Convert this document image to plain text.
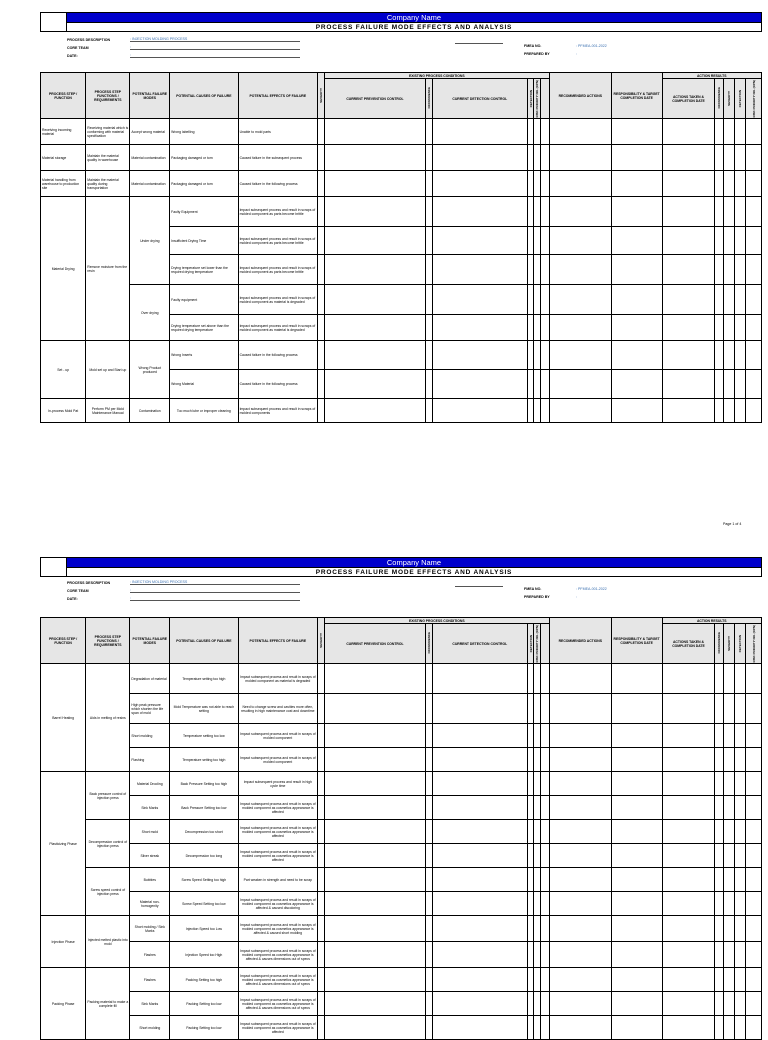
Company Name
PROCESS FAILURE MODE EFFECTS AND ANALYSIS
PROCESS DESCRIPTION	: INJECTION MOLDING PROCESS
CORE TEAM	:
DATE:	:
FMEA NO.	: PFMEA-001-2022
PREPARED BY	:
PROCESS STEP / FUNCTION	PROCESS STEP FUNCTIONS / REQUIREMENTS	POTENTIAL FAILURE MODES	POTENTIAL CAUSES OF FAILURE	POTENTIAL EFFECTS OF FAILURE	SEVERITY	EXISTING PROCESS CONDITIONS						RECOMMENDED ACTIONS	RESPONSIBILITY & TARGET COMPLETION DATE	ACTION RESULTS				
						CURRENT PREVENTION CONTROL	OCCURRENCE	CURRENT DETECTION CONTROL	DETECTION	RISK PRIORITY NO. (RPN)				ACTIONS TAKEN & COMPLETION DATE	OCCURRENCE	SEVERITY	DETECTION	RISK PRIORITY NO. (RPN)
Receiving incoming material	Receiving material which is conforming with material specification	Accept wrong material	Wrong labelling	Unable to mold parts														
Material storage	Maintain the material quality in warehouse	Material contamination	Packaging damaged or torn	Caused failure in the subsequent process														
Material handling from warehouse to production site	Maintain the material quality during transportation	Material contamination	Packaging damaged or torn	Caused failure in the following process														
Material Drying	Remove moisture from the resin	Under drying	Faulty Equipment	Impact subsequent process and result in scraps of molded component as parts become brittle														
			Insufficient Drying Time	Impact subsequent process and result in scraps of molded component as parts become brittle														
			Drying temperature set lower than the required drying temperature	Impact subsequent process and result in scraps of molded component as parts become brittle														
		Over drying	Faulty equipment	Impact subsequent process and result in scraps of molded component as material is degraded														
			Drying temperature set above than the required drying temperature	Impact subsequent process and result in scraps of molded component as material is degraded														
Set - up	Mold set up and Start up	Wrong Product produced	Wrong Inserts	Caused failure in the following process														
			Wrong Material	Caused failure in the following process														
In-process Mold Pat	Perform PM per Mold Maintenance Manual	Contamination	Too much lube or improper cleaning	Impact subsequent process and result in scraps of molded components														
Page 1 of 4
Company Name
PROCESS FAILURE MODE EFFECTS AND ANALYSIS
PROCESS DESCRIPTION	: INJECTION MOLDING PROCESS
CORE TEAM	:
DATE:	:
FMEA NO.	: PFMEA-001-2022
PREPARED BY	:
PROCESS STEP / FUNCTION	PROCESS STEP FUNCTIONS / REQUIREMENTS	POTENTIAL FAILURE MODES	POTENTIAL CAUSES OF FAILURE	POTENTIAL EFFECTS OF FAILURE	SEVERITY	EXISTING PROCESS CONDITIONS						RECOMMENDED ACTIONS	RESPONSIBILITY & TARGET COMPLETION DATE	ACTION RESULTS				
						CURRENT PREVENTION CONTROL	OCCURRENCE	CURRENT DETECTION CONTROL	DETECTION	RISK PRIORITY NO. (RPN)				ACTIONS TAKEN & COMPLETION DATE	OCCURRENCE	SEVERITY	DETECTION	RISK PRIORITY NO. (RPN)
Barrel Heating	Aids in melting of resins	Degradation of material	Temperature setting too high	Impact subsequent process and result in scraps of molded component as material is degraded														
		High peak pressure which shorten the life span of mold	Mold Temperature was not able to reach setting	Need to change screw and cavities more often, resulting in high maintenance cost and downtime														
		Short molding	Temperature setting too low	Impact subsequent process and result in scraps of molded component														
		Flashing	Temperature setting too high	Impact subsequent process and result in scraps of molded component														
Plasticizing Phase	Back pressure control of injection press	Material Drooling	Back Pressure Setting too high	Impact subsequent process and result in high cycle time														
		Sink Marks	Back Pressure Setting too low	Impact subsequent process and result in scraps of molded component as cosmetics appearance is affected														
	Decompression control of injection press	Short mold	Decompression too short	Impact subsequent process and result in scraps of molded component as cosmetics appearance is affected														
		Silver streak	Decompression too long	Impact subsequent process and result in scraps of molded component as cosmetics appearance is affected														
	Screw speed control of injection press	Bubbles	Screw Speed Setting too high	Part weaken in strength and need to be scrap														
		Material non-homogenity	Screw Speed Setting too low	Impact subsequent process and result in scraps of molded component as cosmetics appearance is affected & caused discoloring														
Injection Phase	Injected melted plastic into mold	Short molding / Sink Marks	Injection Speed too Low	Impact subsequent process and result in scraps of molded component as cosmetics appearance is affected & caused short molding														
		Flashes	Injection Speed too High	Impact subsequent process and result in scraps of molded component as cosmetics appearance is affected & causes dimensions out of specs														
Packing Phase	Packing material to make a complete fill	Flashes	Packing Setting too high	Impact subsequent process and result in scraps of molded component as cosmetics appearance is affected & causes dimensions out of specs														
		Sink Marks	Packing Setting too low	Impact subsequent process and result in scraps of molded component as cosmetics appearance is affected & causes dimensions out of specs														
		Short molding	Packing Setting too low	Impact subsequent process and result in scraps of molded component as cosmetics appearance is affected														
